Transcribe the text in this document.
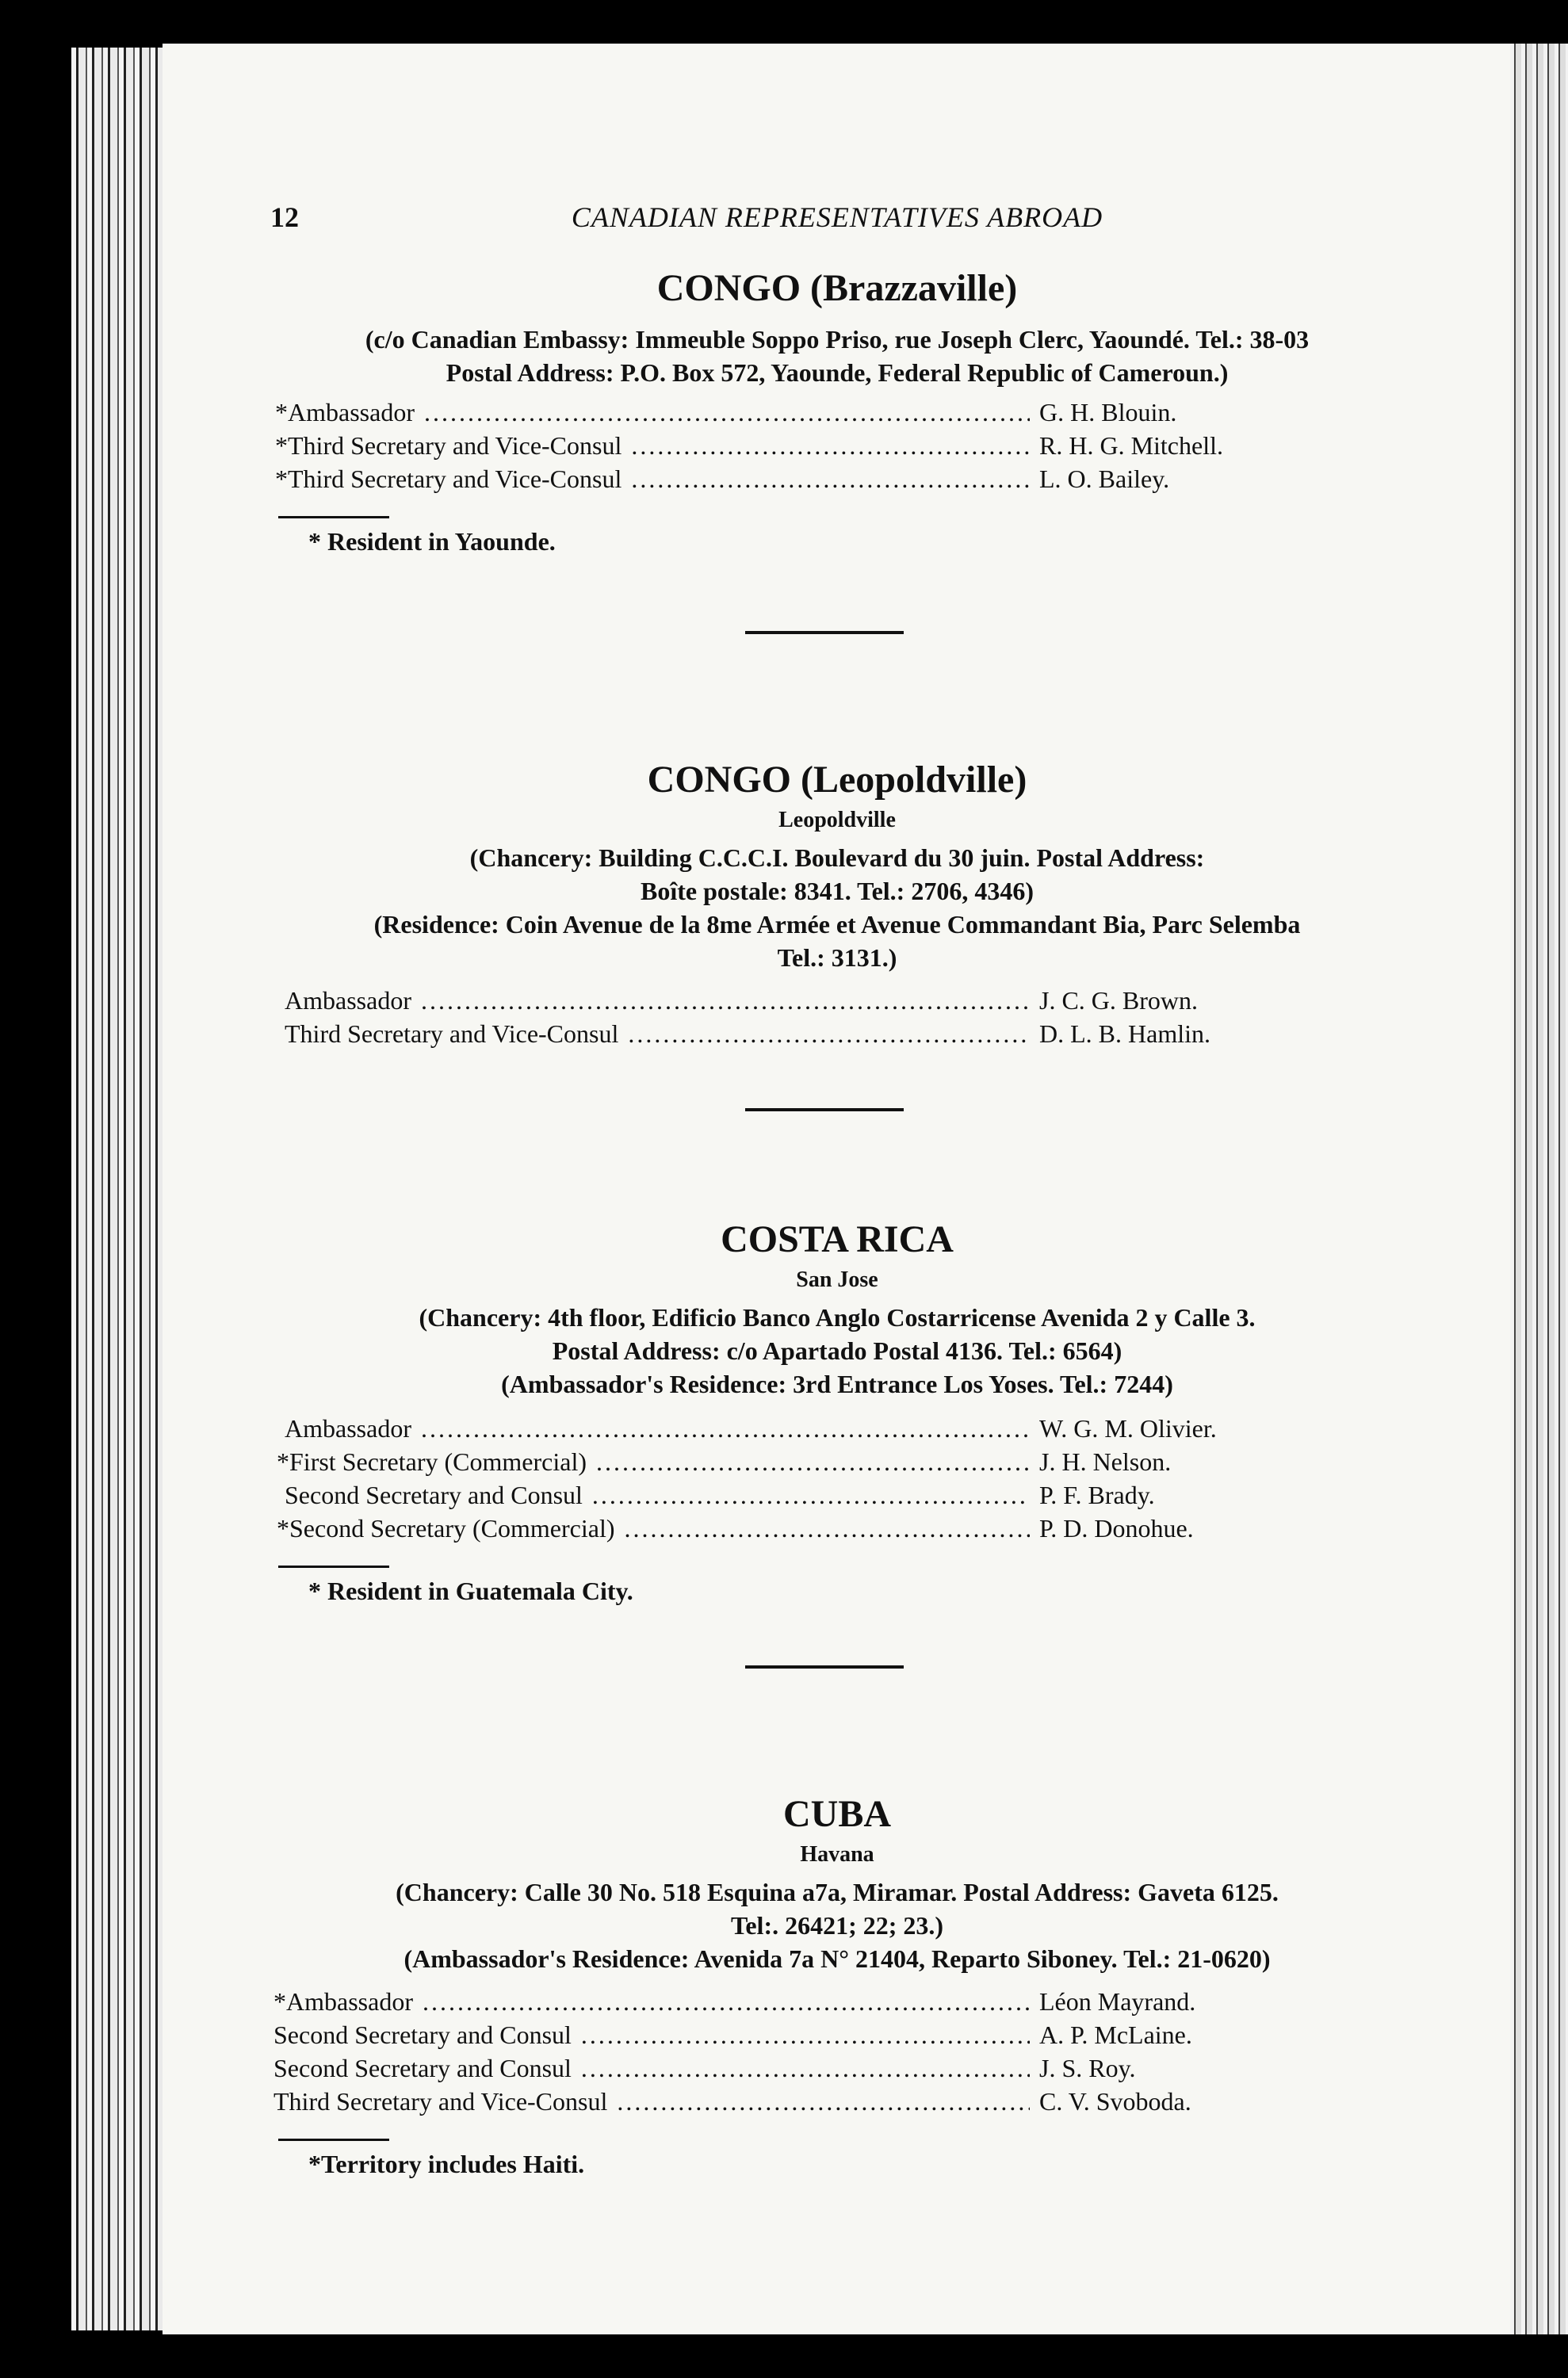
12	CANADIAN REPRESENTATIVES ABROAD
CONGO (Brazzaville)

(c/o Canadian Embassy: Immeuble Soppo Priso, rue Joseph Clerc, Yaoundé. Tel.: 38-03

Postal Address: P.O. Box 572, Yaounde, Federal Republic of Cameroun.)

*Ambassador .....	G. H. Blouin.
*Third Secretary and Vice-Consul .....	R. H. G. Mitchell.
*Third Secretary and Vice-Consul .....	L. O. Bailey.
* Resident in Yaounde.
CONGO (Leopoldville)
Leopoldville

(Chancery: Building C.C.C.I. Boulevard du 30 juin. Postal Address:

Boîte postale: 8341. Tel.: 2706, 4346)

(Residence: Coin Avenue de la 8me Armée et Avenue Commandant Bia, Parc Selemba

Tel.: 3131.)

Ambassador .....	J. C. G. Brown.
Third Secretary and Vice-Consul .....	D. L. B. Hamlin.
COSTA RICA
San Jose

(Chancery: 4th floor, Edificio Banco Anglo Costarricense Avenida 2 y Calle 3.

Postal Address: c/o Apartado Postal 4136. Tel.: 6564)

(Ambassador's Residence: 3rd Entrance Los Yoses. Tel.: 7244)

Ambassador .....	W. G. M. Olivier.
*First Secretary (Commercial) .....	J. H. Nelson.
Second Secretary and Consul .....	P. F. Brady.
*Second Secretary (Commercial) .....	P. D. Donohue.
* Resident in Guatemala City.
CUBA
Havana

(Chancery: Calle 30 No. 518 Esquina a7a, Miramar. Postal Address: Gaveta 6125.

Tel:. 26421; 22; 23.)

(Ambassador's Residence: Avenida 7a N° 21404, Reparto Siboney. Tel.: 21-0620)

*Ambassador .....	Léon Mayrand.
Second Secretary and Consul .....	A. P. McLaine.
Second Secretary and Consul .....	J. S. Roy.
Third Secretary and Vice-Consul .....	C. V. Svoboda.
*Territory includes Haiti.
